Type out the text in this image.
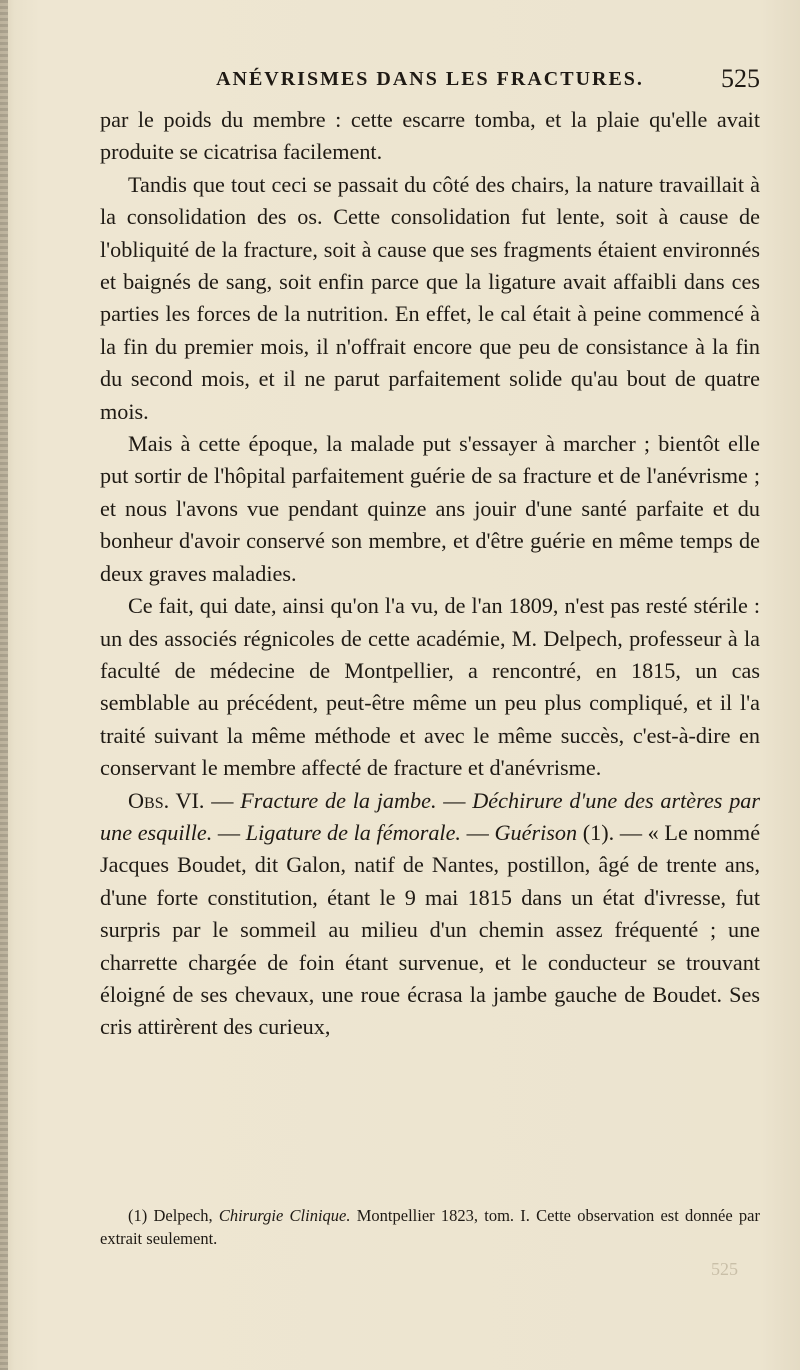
ANÉVRISMES DANS LES FRACTURES.	525

par le poids du membre : cette escarre tomba, et la plaie qu'elle avait produite se cicatrisa facilement.

Tandis que tout ceci se passait du côté des chairs, la nature travaillait à la consolidation des os. Cette consolidation fut lente, soit à cause de l'obliquité de la fracture, soit à cause que ses fragments étaient environnés et baignés de sang, soit enfin parce que la ligature avait affaibli dans ces parties les forces de la nutrition. En effet, le cal était à peine commencé à la fin du premier mois, il n'offrait encore que peu de consistance à la fin du second mois, et il ne parut parfaitement solide qu'au bout de quatre mois.

Mais à cette époque, la malade put s'essayer à marcher ; bientôt elle put sortir de l'hôpital parfaitement guérie de sa fracture et de l'anévrisme ; et nous l'avons vue pendant quinze ans jouir d'une santé parfaite et du bonheur d'avoir conservé son membre, et d'être guérie en même temps de deux graves maladies.

Ce fait, qui date, ainsi qu'on l'a vu, de l'an 1809, n'est pas resté stérile : un des associés régnicoles de cette académie, M. Delpech, professeur à la faculté de médecine de Montpellier, a rencontré, en 1815, un cas semblable au précédent, peut-être même un peu plus compliqué, et il l'a traité suivant la même méthode et avec le même succès, c'est-à-dire en conservant le membre affecté de fracture et d'anévrisme.

Obs. VI. — Fracture de la jambe. — Déchirure d'une des artères par une esquille. — Ligature de la fémorale. — Guérison (1). — « Le nommé Jacques Boudet, dit Galon, natif de Nantes, postillon, âgé de trente ans, d'une forte constitution, étant le 9 mai 1815 dans un état d'ivresse, fut surpris par le sommeil au milieu d'un chemin assez fréquenté ; une charrette chargée de foin étant survenue, et le conducteur se trouvant éloigné de ses chevaux, une roue écrasa la jambe gauche de Boudet. Ses cris attirèrent des curieux,

(1) Delpech, Chirurgie Clinique. Montpellier 1823, tom. I. Cette observation est donnée par extrait seulement.
525
